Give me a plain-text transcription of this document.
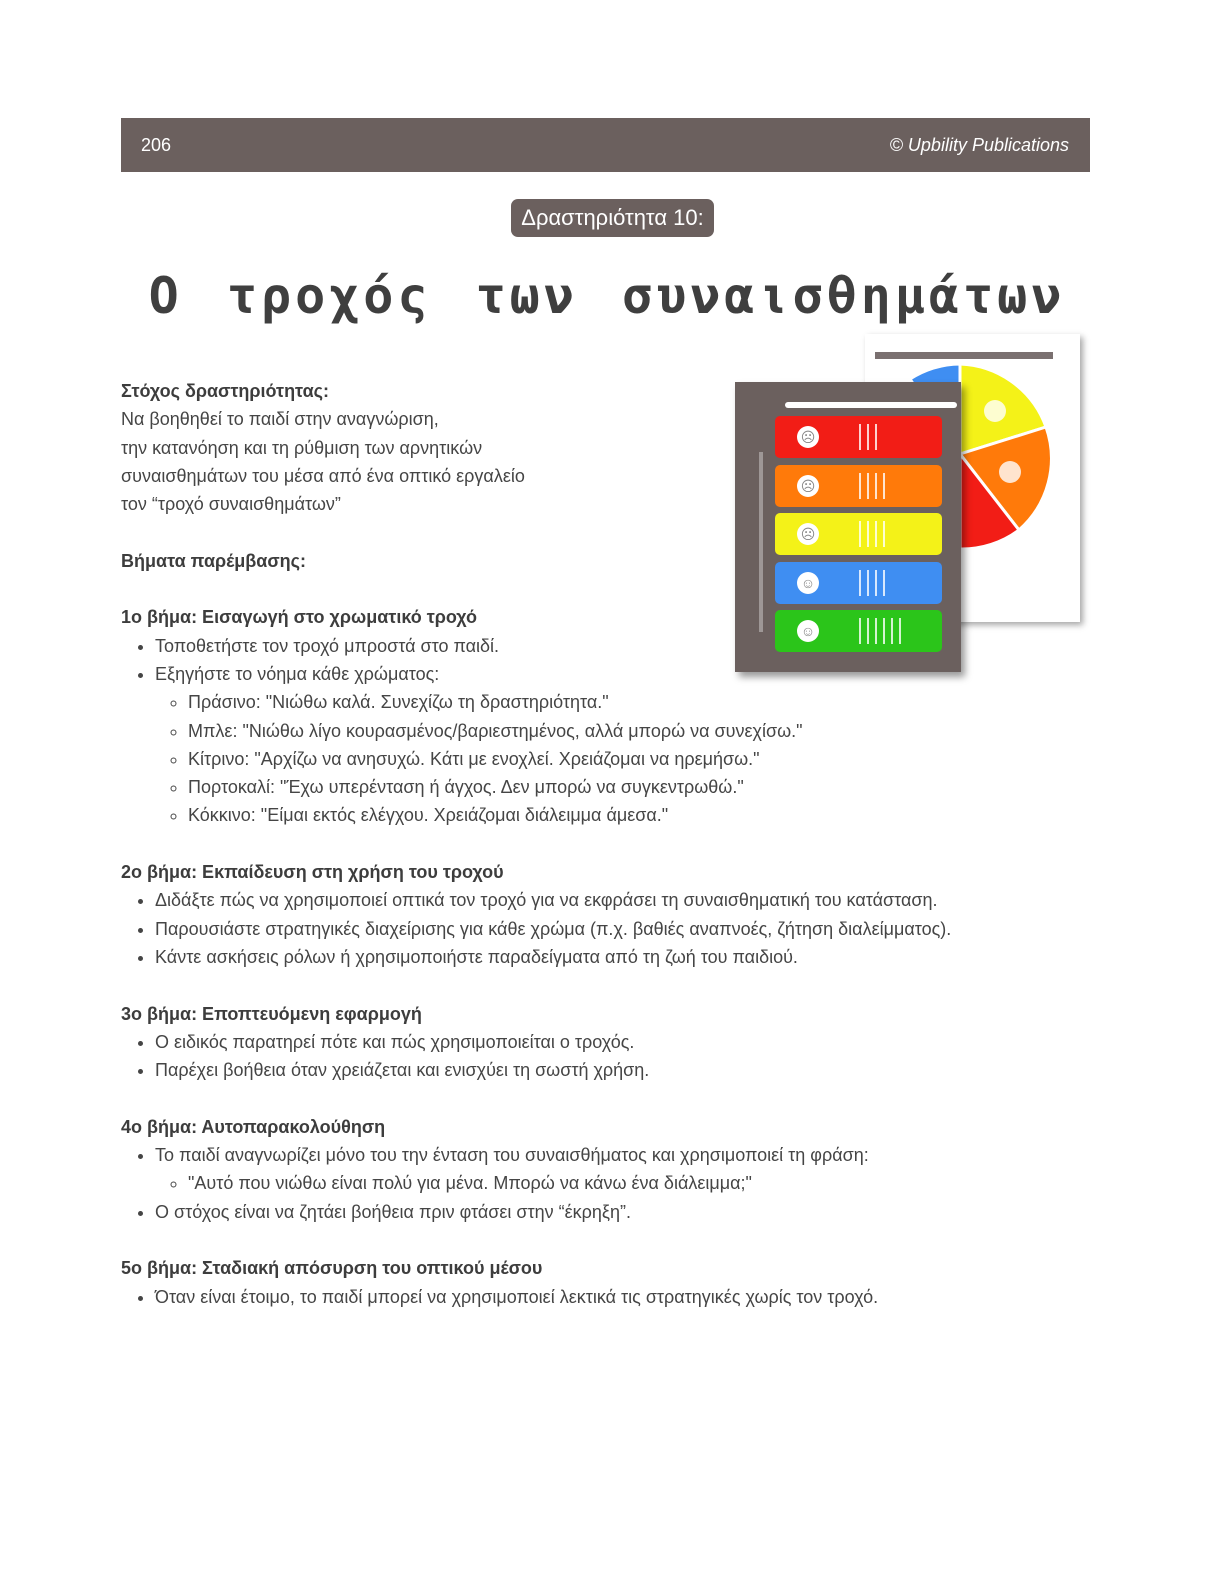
206	© Upbility Publications
Δραστηριότητα 10:
Ο τροχός των συναισθημάτων
☹
☹
☹
☺
☺

Στόχος δραστηριότητας:

Να βοηθηθεί το παιδί στην αναγνώριση,

την κατανόηση και τη ρύθμιση των αρνητικών

συναισθημάτων του μέσα από ένα οπτικό εργαλείο

τον “τροχό συναισθημάτων”

Βήματα παρέμβασης:

1ο βήμα: Εισαγωγή στο χρωματικό τροχό

• Τοποθετήστε τον τροχό μπροστά στο παιδί.
• Εξηγήστε το νόημα κάθε χρώματος:
◦ Πράσινο: "Νιώθω καλά. Συνεχίζω τη δραστηριότητα."
◦ Μπλε: "Νιώθω λίγο κουρασμένος/βαριεστημένος, αλλά μπορώ να συνεχίσω."
◦ Κίτρινο: "Αρχίζω να ανησυχώ. Κάτι με ενοχλεί. Χρειάζομαι να ηρεμήσω."
◦ Πορτοκαλί: "Έχω υπερένταση ή άγχος. Δεν μπορώ να συγκεντρωθώ."
◦ Κόκκινο: "Είμαι εκτός ελέγχου. Χρειάζομαι διάλειμμα άμεσα."

2ο βήμα: Εκπαίδευση στη χρήση του τροχού

• Διδάξτε πώς να χρησιμοποιεί οπτικά τον τροχό για να εκφράσει τη συναισθηματική του κατάσταση.
• Παρουσιάστε στρατηγικές διαχείρισης για κάθε χρώμα (π.χ. βαθιές αναπνοές, ζήτηση διαλείμματος).
• Κάντε ασκήσεις ρόλων ή χρησιμοποιήστε παραδείγματα από τη ζωή του παιδιού.

3ο βήμα: Εποπτευόμενη εφαρμογή

• Ο ειδικός παρατηρεί πότε και πώς χρησιμοποιείται ο τροχός.
• Παρέχει βοήθεια όταν χρειάζεται και ενισχύει τη σωστή χρήση.

4ο βήμα: Αυτοπαρακολούθηση

• Το παιδί αναγνωρίζει μόνο του την ένταση του συναισθήματος και χρησιμοποιεί τη φράση:
◦ "Αυτό που νιώθω είναι πολύ για μένα. Μπορώ να κάνω ένα διάλειμμα;"
• Ο στόχος είναι να ζητάει βοήθεια πριν φτάσει στην “έκρηξη”.

5ο βήμα: Σταδιακή απόσυρση του οπτικού μέσου

• Όταν είναι έτοιμο, το παιδί μπορεί να χρησιμοποιεί λεκτικά τις στρατηγικές χωρίς τον τροχό.
